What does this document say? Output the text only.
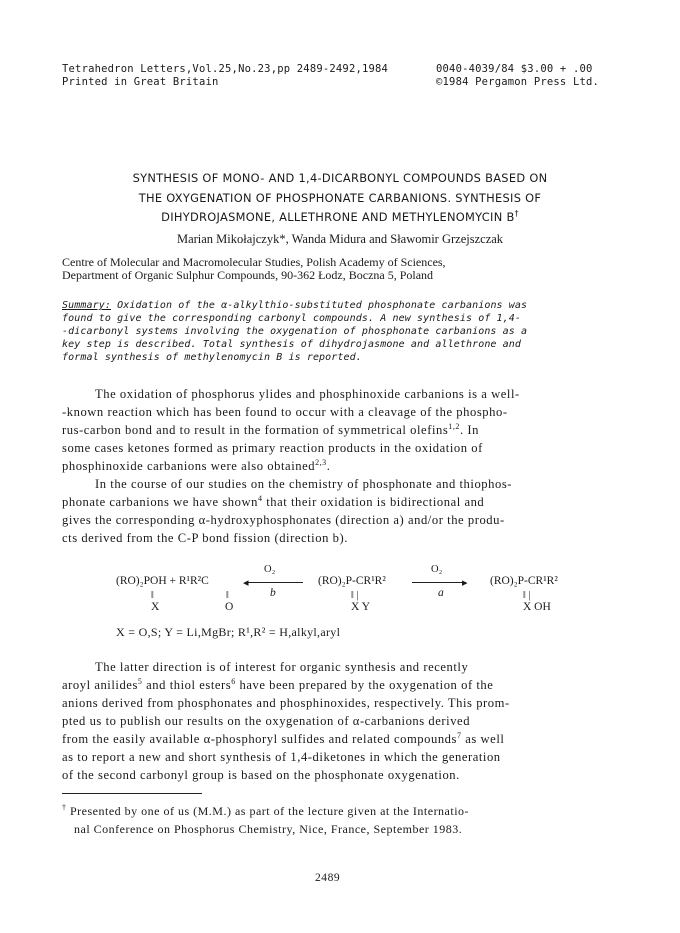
Tetrahedron Letters,Vol.25,No.23,pp 2489-2492,1984
Printed in Great Britain
0040-4039/84 $3.00 + .00
©1984 Pergamon Press Ltd.
SYNTHESIS OF MONO- AND 1,4-DICARBONYL COMPOUNDS BASED ON
THE OXYGENATION OF PHOSPHONATE CARBANIONS. SYNTHESIS OF
DIHYDROJASMONE, ALLETHRONE AND METHYLENOMYCIN B†
Marian Mikołajczyk*, Wanda Midura and Sławomir Grzejszczak
Centre of Molecular and Macromolecular Studies, Polish Academy of Sciences,
Department of Organic Sulphur Compounds, 90-362 Łodz, Boczna 5, Poland
Summary: Oxidation of the α-alkylthio-substituted phosphonate carbanions was
found to give the corresponding carbonyl compounds. A new synthesis of 1,4-
-dicarbonyl systems involving the oxygenation of phosphonate carbanions as a
key step is described. Total synthesis of dihydrojasmone and allethrone and
formal synthesis of methylenomycin B is reported.
The oxidation of phosphorus ylides and phosphinoxide carbanions is a well-
-known reaction which has been found to occur with a cleavage of the phospho-
rus-carbon bond and to result in the formation of symmetrical olefins$^{1,2}$. In
some cases ketones formed as primary reaction products in the oxidation of
phosphinoxide carbanions were also obtained$^{2,3}$.
In the course of our studies on the chemistry of phosphonate and thiophos-
phonate carbanions we have shown$^4$ that their oxidation is bidirectional and
gives the corresponding α-hydroxyphosphonates (direction a) and/or the produ-
cts derived from the C-P bond fission (direction b).
(RO)₂POH + R¹R²C
‖	‖
X	O
O₂
◂
b
(RO)₂P-CR¹R²
‖ |
X Y
O₂
▸
a
(RO)₂P-CR¹R²
‖ |
X OH
X = O,S; Y = Li,MgBr; R¹,R² = H,alkyl,aryl
The latter direction is of interest for organic synthesis and recently
aroyl anilides$^5$ and thiol esters$^6$ have been prepared by the oxygenation of the
anions derived from phosphonates and phosphinoxides, respectively. This prom-
pted us to publish our results on the oxygenation of α-carbanions derived
from the easily available α-phosphoryl sulfides and related compounds$^7$ as well
as to report a new and short synthesis of 1,4-diketones in which the generation
of the second carbonyl group is based on the phosphonate oxygenation.
† Presented by one of us (M.M.) as part of the lecture given at the Internatio-
nal Conference on Phosphorus Chemistry, Nice, France, September 1983.
2489
